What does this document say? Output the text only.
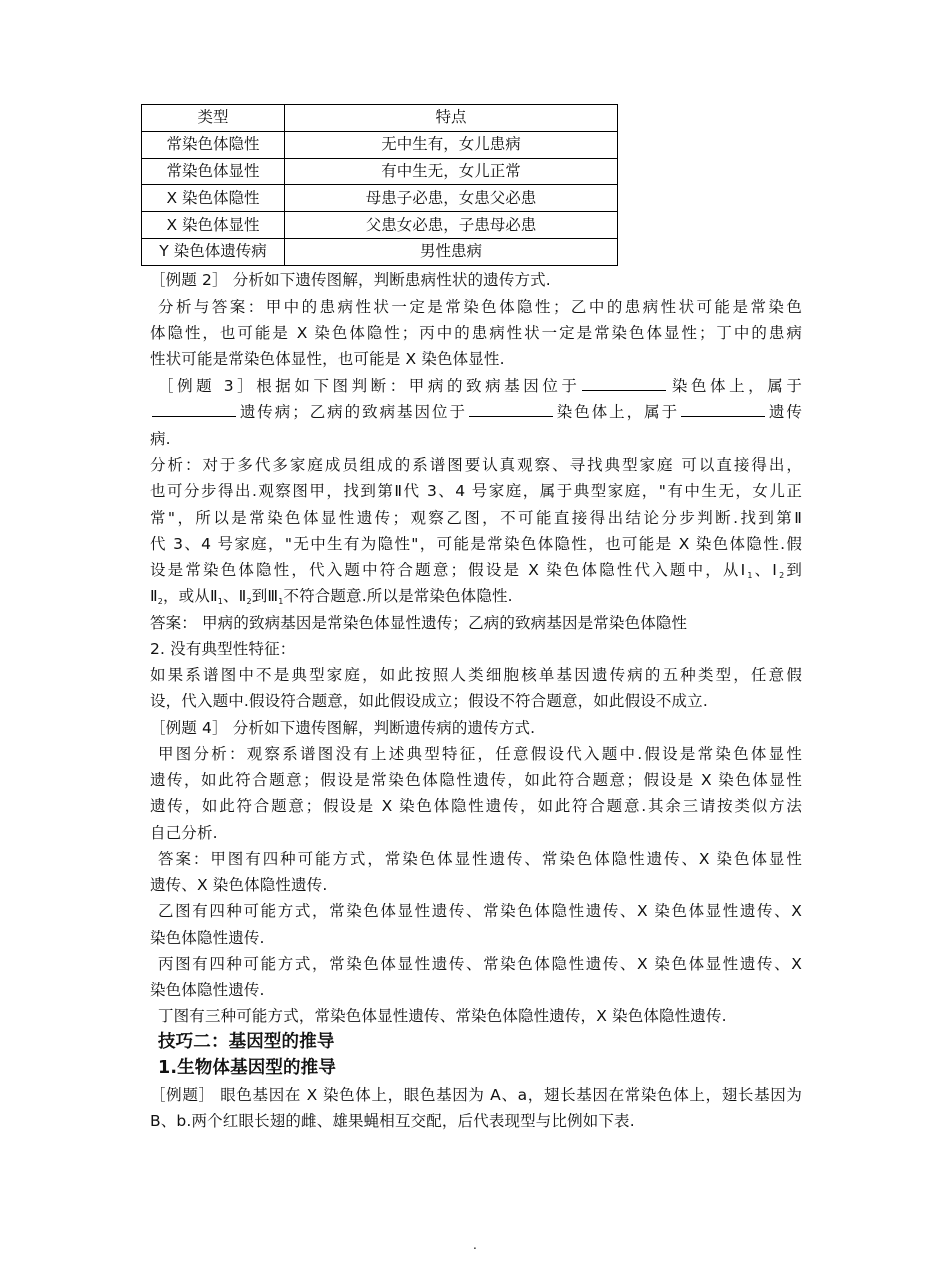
类型	特点
常染色体隐性	无中生有，女儿患病
常染色体显性	有中生无，女儿正常
X 染色体隐性	母患子必患，女患父必患
X 染色体显性	父患女必患，子患母必患
Y 染色体遗传病	男性患病
［例题 2］ 分析如下遗传图解，判断患病性状的遗传方式.
分析与答案：甲中的患病性状一定是常染色体隐性；乙中的患病性状可能是常染色
体隐性，也可能是 X 染色体隐性；丙中的患病性状一定是常染色体显性；丁中的患病
性状可能是常染色体显性，也可能是 X 染色体显性.
［例题 3］根据如下图判断：甲病的致病基因位于	染色体上，属于
遗传病；乙病的致病基因位于	染色体上，属于	遗传
病.
分析：对于多代多家庭成员组成的系谱图要认真观察、寻找典型家庭 可以直接得出，
也可分步得出.观察图甲，找到第Ⅱ代 3、4 号家庭，属于典型家庭，"有中生无，女儿正
常"，所以是常染色体显性遗传；观察乙图，不可能直接得出结论分步判断.找到第Ⅱ
代 3、4 号家庭，"无中生有为隐性"，可能是常染色体隐性，也可能是 X 染色体隐性.假
设是常染色体隐性，代入题中符合题意；假设是 X 染色体隐性代入题中，从$Ⅰ_1$、$Ⅰ_2$到
$Ⅱ_2$，或从$Ⅱ_1$、$Ⅱ_2$到$Ⅲ_1$不符合题意.所以是常染色体隐性.
答案： 甲病的致病基因是常染色体显性遗传；乙病的致病基因是常染色体隐性
2. 没有典型性特征：
如果系谱图中不是典型家庭，如此按照人类细胞核单基因遗传病的五种类型，任意假
设，代入题中.假设符合题意，如此假设成立；假设不符合题意，如此假设不成立.
［例题 4］ 分析如下遗传图解，判断遗传病的遗传方式.
甲图分析：观察系谱图没有上述典型特征，任意假设代入题中.假设是常染色体显性
遗传，如此符合题意；假设是常染色体隐性遗传，如此符合题意；假设是 X 染色体显性
遗传，如此符合题意；假设是 X 染色体隐性遗传，如此符合题意.其余三请按类似方法
自己分析.
答案：甲图有四种可能方式，常染色体显性遗传、常染色体隐性遗传、X 染色体显性
遗传、X 染色体隐性遗传.
乙图有四种可能方式，常染色体显性遗传、常染色体隐性遗传、X 染色体显性遗传、X
染色体隐性遗传.
丙图有四种可能方式，常染色体显性遗传、常染色体隐性遗传、X 染色体显性遗传、X
染色体隐性遗传.
丁图有三种可能方式，常染色体显性遗传、常染色体隐性遗传，X 染色体隐性遗传.
技巧二：基因型的推导
1.生物体基因型的推导
［例题］ 眼色基因在 X 染色体上，眼色基因为 A、a，翅长基因在常染色体上，翅长基因为
B、b.两个红眼长翅的雌、雄果蝇相互交配，后代表现型与比例如下表.
.
